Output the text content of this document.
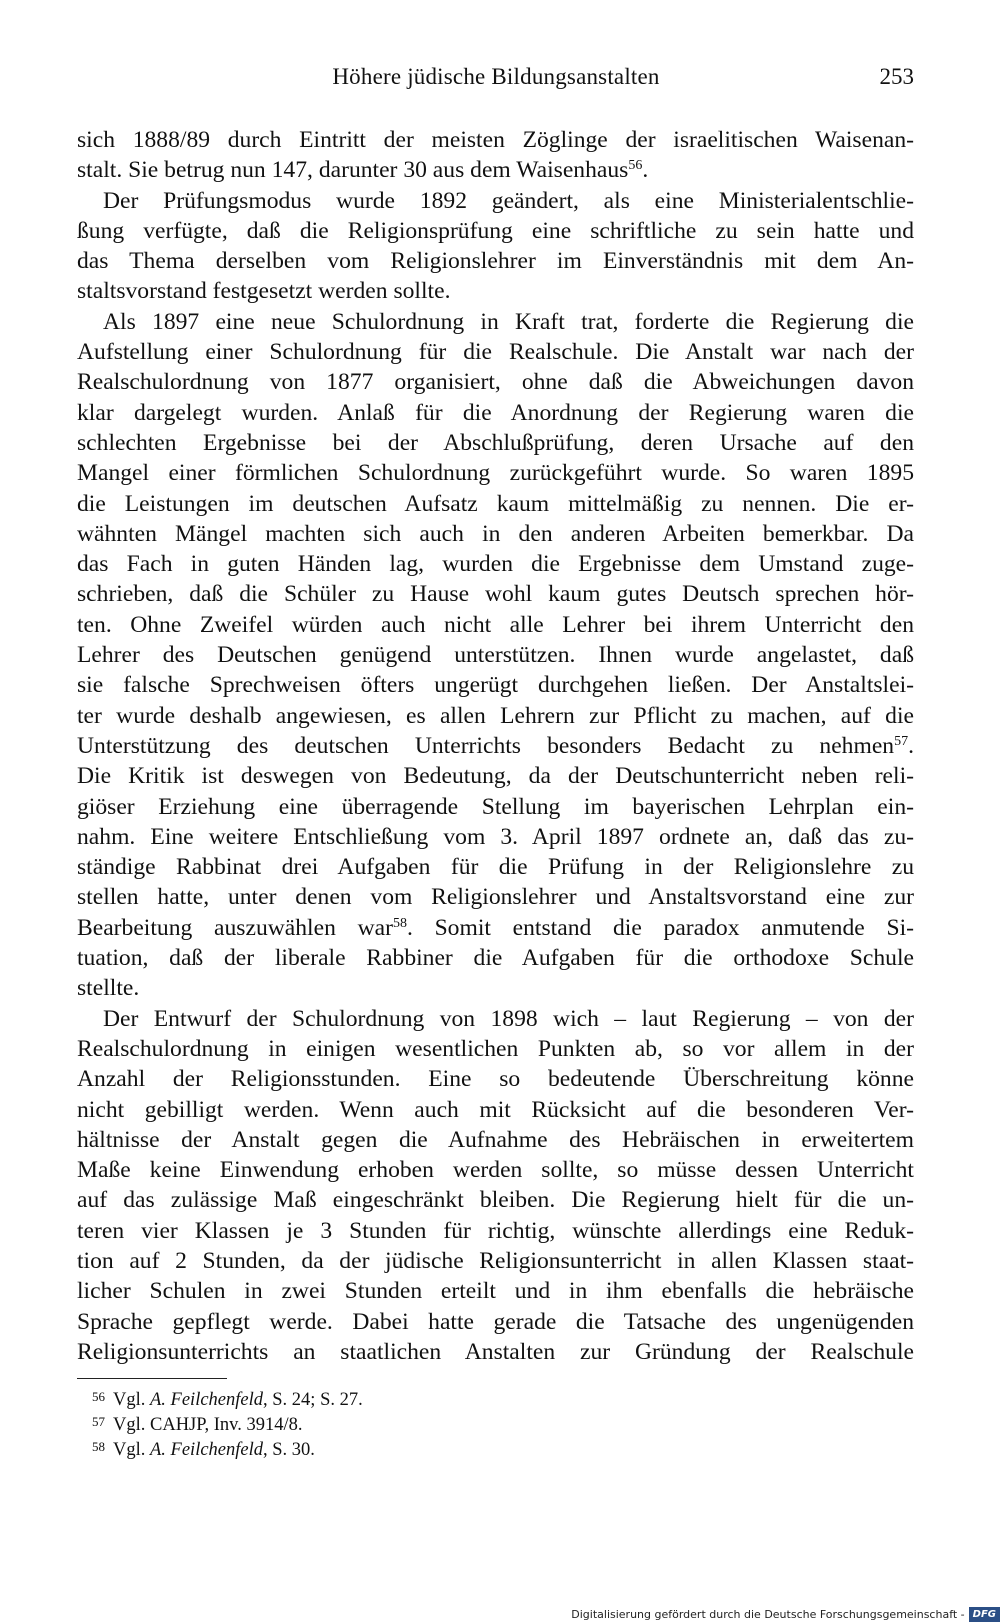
Höhere jüdische Bildungsanstalten	253
sich 1888/89 durch Eintritt der meisten Zöglinge der israelitischen Waisenan-
stalt. Sie betrug nun 147, darunter 30 aus dem Waisenhaus$^{56}$.
Der Prüfungsmodus wurde 1892 geändert, als eine Ministerialentschlie-
ßung verfügte, daß die Religionsprüfung eine schriftliche zu sein hatte und
das Thema derselben vom Religionslehrer im Einverständnis mit dem An-
staltsvorstand festgesetzt werden sollte.
Als 1897 eine neue Schulordnung in Kraft trat, forderte die Regierung die
Aufstellung einer Schulordnung für die Realschule. Die Anstalt war nach der
Realschulordnung von 1877 organisiert, ohne daß die Abweichungen davon
klar dargelegt wurden. Anlaß für die Anordnung der Regierung waren die
schlechten Ergebnisse bei der Abschlußprüfung, deren Ursache auf den
Mangel einer förmlichen Schulordnung zurückgeführt wurde. So waren 1895
die Leistungen im deutschen Aufsatz kaum mittelmäßig zu nennen. Die er-
wähnten Mängel machten sich auch in den anderen Arbeiten bemerkbar. Da
das Fach in guten Händen lag, wurden die Ergebnisse dem Umstand zuge-
schrieben, daß die Schüler zu Hause wohl kaum gutes Deutsch sprechen hör-
ten. Ohne Zweifel würden auch nicht alle Lehrer bei ihrem Unterricht den
Lehrer des Deutschen genügend unterstützen. Ihnen wurde angelastet, daß
sie falsche Sprechweisen öfters ungerügt durchgehen ließen. Der Anstaltslei-
ter wurde deshalb angewiesen, es allen Lehrern zur Pflicht zu machen, auf die
Unterstützung des deutschen Unterrichts besonders Bedacht zu nehmen$^{57}$.
Die Kritik ist deswegen von Bedeutung, da der Deutschunterricht neben reli-
giöser Erziehung eine überragende Stellung im bayerischen Lehrplan ein-
nahm. Eine weitere Entschließung vom 3. April 1897 ordnete an, daß das zu-
ständige Rabbinat drei Aufgaben für die Prüfung in der Religionslehre zu
stellen hatte, unter denen vom Religionslehrer und Anstaltsvorstand eine zur
Bearbeitung auszuwählen war$^{58}$. Somit entstand die paradox anmutende Si-
tuation, daß der liberale Rabbiner die Aufgaben für die orthodoxe Schule
stellte.
Der Entwurf der Schulordnung von 1898 wich – laut Regierung – von der
Realschulordnung in einigen wesentlichen Punkten ab, so vor allem in der
Anzahl der Religionsstunden. Eine so bedeutende Überschreitung könne
nicht gebilligt werden. Wenn auch mit Rücksicht auf die besonderen Ver-
hältnisse der Anstalt gegen die Aufnahme des Hebräischen in erweitertem
Maße keine Einwendung erhoben werden sollte, so müsse dessen Unterricht
auf das zulässige Maß eingeschränkt bleiben. Die Regierung hielt für die un-
teren vier Klassen je 3 Stunden für richtig, wünschte allerdings eine Reduk-
tion auf 2 Stunden, da der jüdische Religionsunterricht in allen Klassen staat-
licher Schulen in zwei Stunden erteilt und in ihm ebenfalls die hebräische
Sprache gepflegt werde. Dabei hatte gerade die Tatsache des ungenügenden
Religionsunterrichts an staatlichen Anstalten zur Gründung der Realschule
$^{56}$ Vgl. A. Feilchenfeld, S. 24; S. 27.
$^{57}$ Vgl. CAHJP, Inv. 3914/8.
$^{58}$ Vgl. A. Feilchenfeld, S. 30.
Digitalisierung gefördert durch die Deutsche Forschungsgemeinschaft - DFG
